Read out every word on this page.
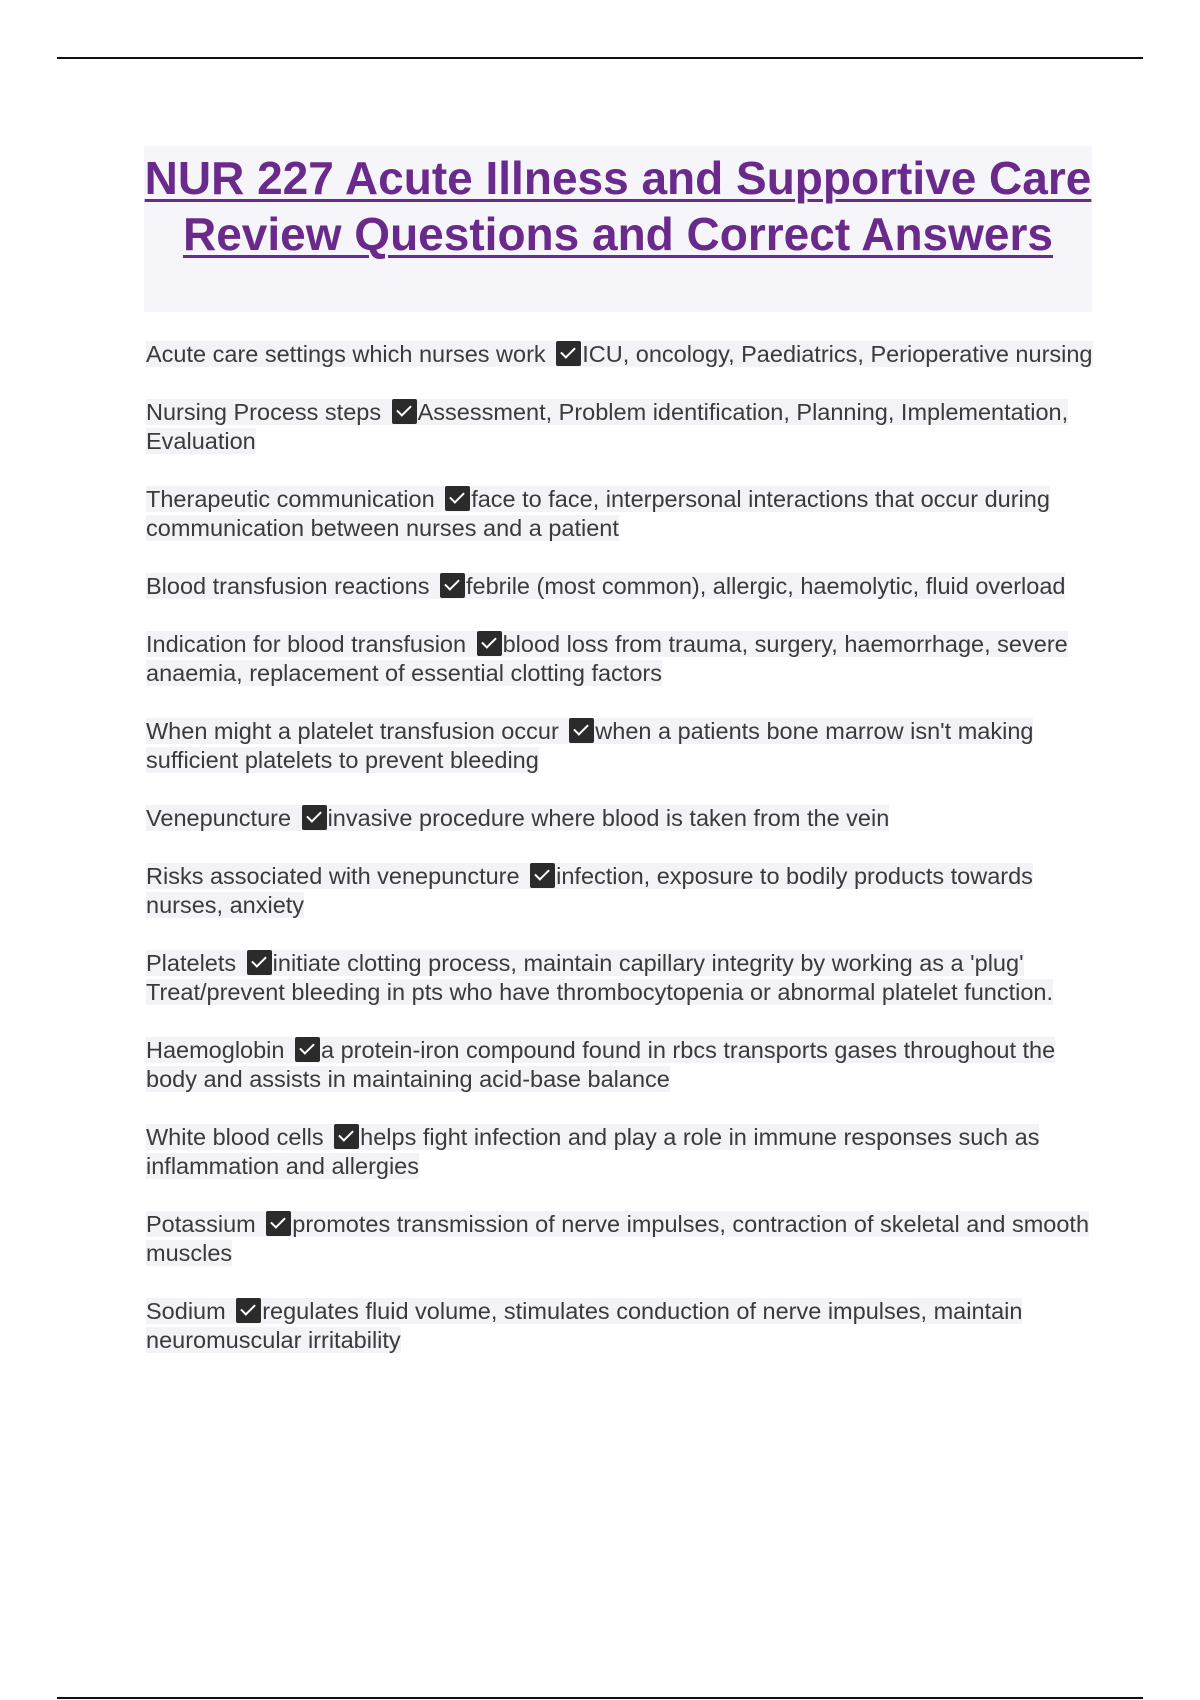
NUR 227 Acute Illness and Supportive Care Review Questions and Correct Answers

Acute care settings which nurses work ICU, oncology, Paediatrics, Perioperative nursing

Nursing Process steps Assessment, Problem identification, Planning, Implementation, Evaluation

Therapeutic communication face to face, interpersonal interactions that occur during communication between nurses and a patient

Blood transfusion reactions febrile (most common), allergic, haemolytic, fluid overload

Indication for blood transfusion blood loss from trauma, surgery, haemorrhage, severe anaemia, replacement of essential clotting factors

When might a platelet transfusion occur when a patients bone marrow isn't making sufficient platelets to prevent bleeding

Venepuncture invasive procedure where blood is taken from the vein

Risks associated with venepuncture infection, exposure to bodily products towards nurses, anxiety

Platelets initiate clotting process, maintain capillary integrity by working as a 'plug' Treat/prevent bleeding in pts who have thrombocytopenia or abnormal platelet function.

Haemoglobin a protein-iron compound found in rbcs transports gases throughout the body and assists in maintaining acid-base balance

White blood cells helps fight infection and play a role in immune responses such as inflammation and allergies

Potassium promotes transmission of nerve impulses, contraction of skeletal and smooth muscles

Sodium regulates fluid volume, stimulates conduction of nerve impulses, maintain neuromuscular irritability
